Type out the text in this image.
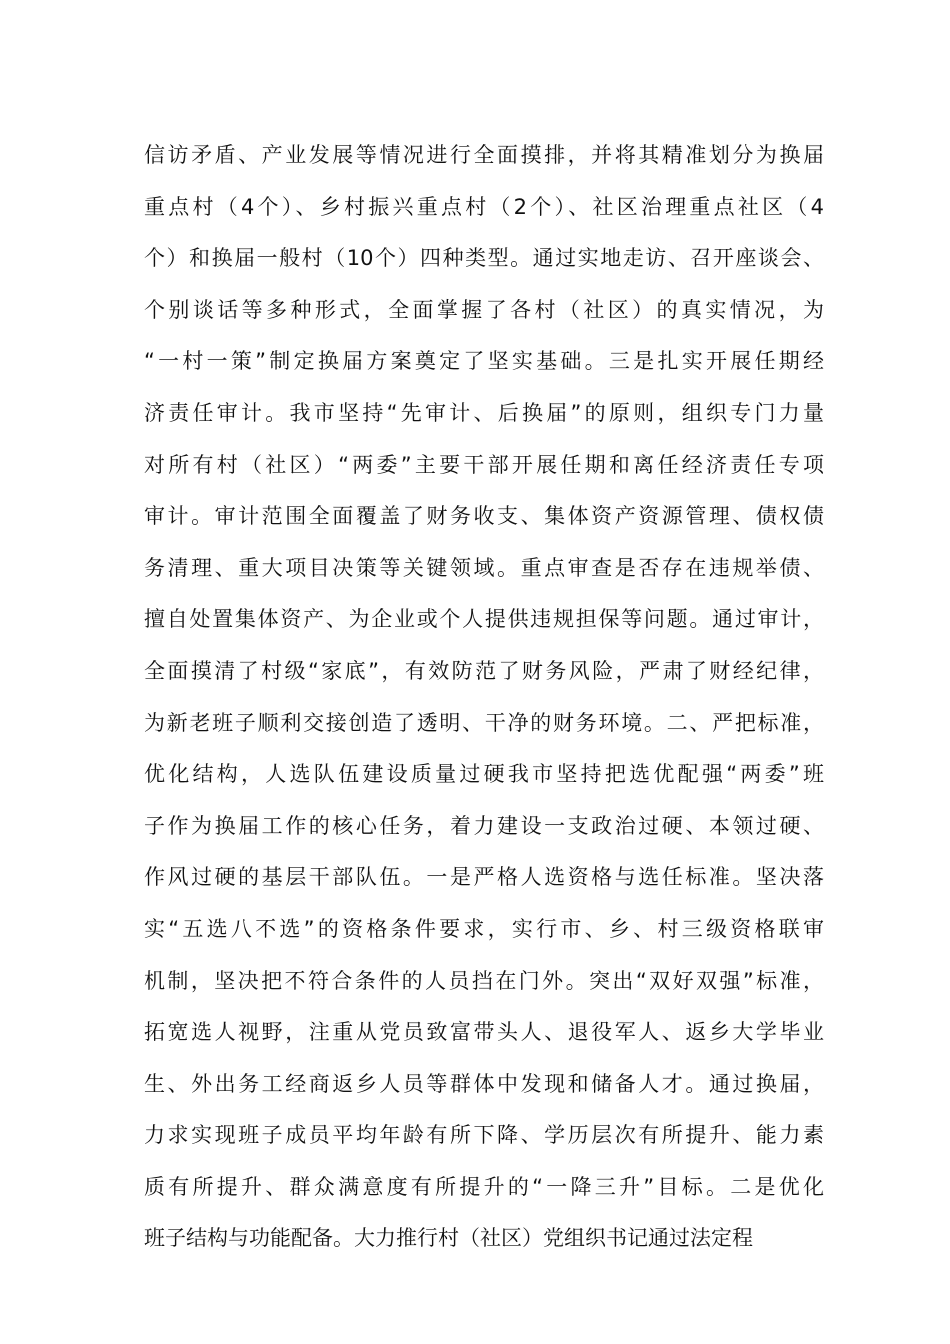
信访矛盾、产业发展等情况进行全面摸排，并将其精准划分为换届
重点村（4个）、乡村振兴重点村（2个）、社区治理重点社区（4
个）和换届一般村（10个）四种类型。通过实地走访、召开座谈会、
个别谈话等多种形式，全面掌握了各村（社区）的真实情况，为
“一村一策”制定换届方案奠定了坚实基础。三是扎实开展任期经
济责任审计。我市坚持“先审计、后换届”的原则，组织专门力量
对所有村（社区）“两委”主要干部开展任期和离任经济责任专项
审计。审计范围全面覆盖了财务收支、集体资产资源管理、债权债
务清理、重大项目决策等关键领域。重点审查是否存在违规举债、
擅自处置集体资产、为企业或个人提供违规担保等问题。通过审计，
全面摸清了村级“家底”，有效防范了财务风险，严肃了财经纪律，
为新老班子顺利交接创造了透明、干净的财务环境。二、严把标准，
优化结构，人选队伍建设质量过硬我市坚持把选优配强“两委”班
子作为换届工作的核心任务，着力建设一支政治过硬、本领过硬、
作风过硬的基层干部队伍。一是严格人选资格与选任标准。坚决落
实“五选八不选”的资格条件要求，实行市、乡、村三级资格联审
机制，坚决把不符合条件的人员挡在门外。突出“双好双强”标准，
拓宽选人视野，注重从党员致富带头人、退役军人、返乡大学毕业
生、外出务工经商返乡人员等群体中发现和储备人才。通过换届，
力求实现班子成员平均年龄有所下降、学历层次有所提升、能力素
质有所提升、群众满意度有所提升的“一降三升”目标。二是优化
班子结构与功能配备。大力推行村（社区）党组织书记通过法定程
